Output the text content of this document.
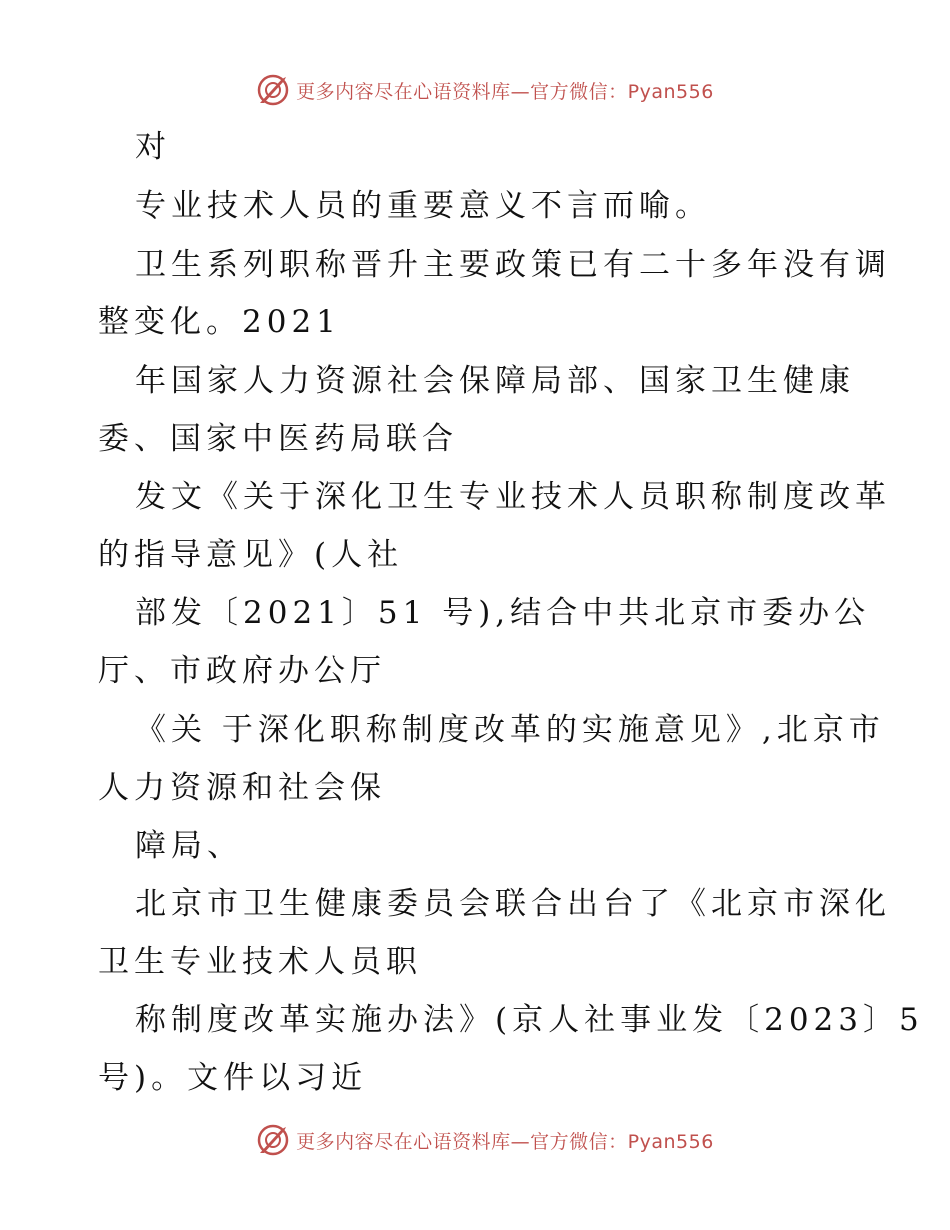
更多内容尽在心语资料库—官方微信：Pyan556
对
专业技术人员的重要意义不言而喻。
卫生系列职称晋升主要政策已有二十多年没有调
整变化。2021
年国家人力资源社会保障局部、国家卫生健康
委、国家中医药局联合
发文《关于深化卫生专业技术人员职称制度改革
的指导意见》(人社
部发〔2021〕51 号),结合中共北京市委办公
厅、市政府办公厅
《关 于深化职称制度改革的实施意见》,北京市
人力资源和社会保
障局、
北京市卫生健康委员会联合出台了《北京市深化
卫生专业技术人员职
称制度改革实施办法》(京人社事业发〔2023〕5
号)。文件以习近
更多内容尽在心语资料库—官方微信：Pyan556
